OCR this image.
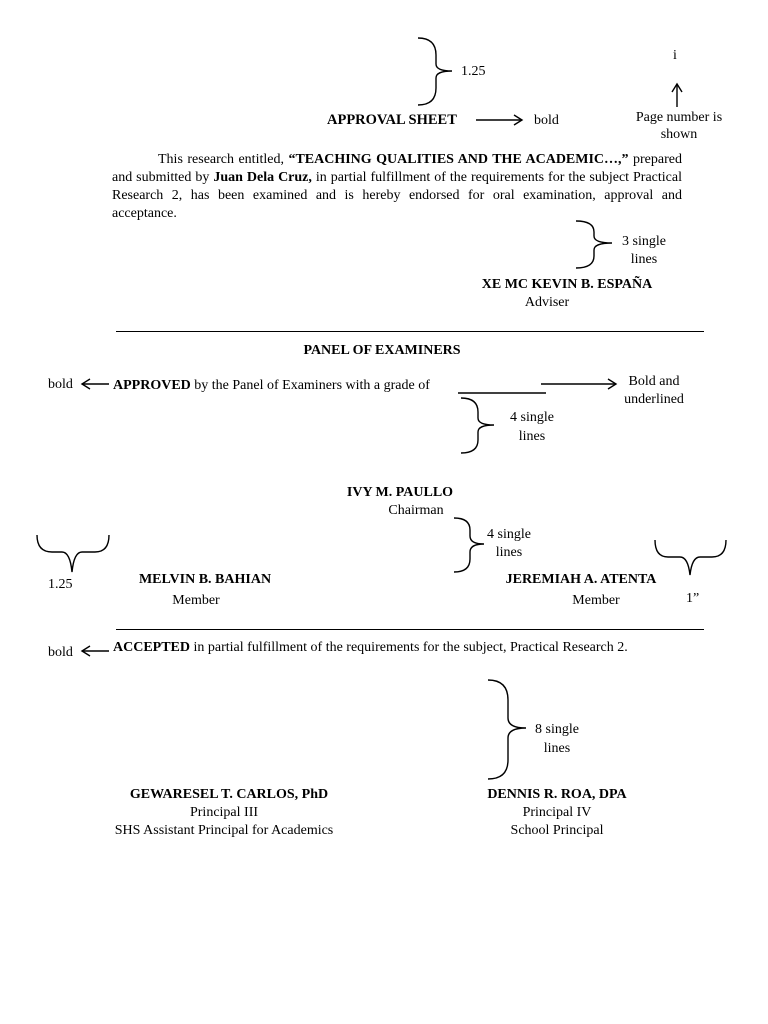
1.25
bold
i
Page number is
shown
APPROVAL SHEET
This research entitled, “TEACHING QUALITIES AND THE ACADEMIC…,” prepared and submitted by Juan Dela Cruz, in partial fulfillment of the requirements for the subject Practical Research 2, has been examined and is hereby endorsed for oral examination, approval and acceptance.
3 single
lines
XE MC KEVIN B. ESPAÑA
Adviser
PANEL OF EXAMINERS
bold	APPROVED by the Panel of Examiners with a grade of	Bold and
underlined
4 single
lines
IVY M. PAULLO
Chairman
4 single
lines
1.25
1”
MELVIN B. BAHIAN
Member
JEREMIAH A. ATENTA
Member
bold	ACCEPTED in partial fulfillment of the requirements for the subject, Practical Research 2.
8 single
lines
GEWARESEL T. CARLOS, PhD
Principal III
SHS Assistant Principal for Academics
DENNIS R. ROA, DPA
Principal IV
School Principal
